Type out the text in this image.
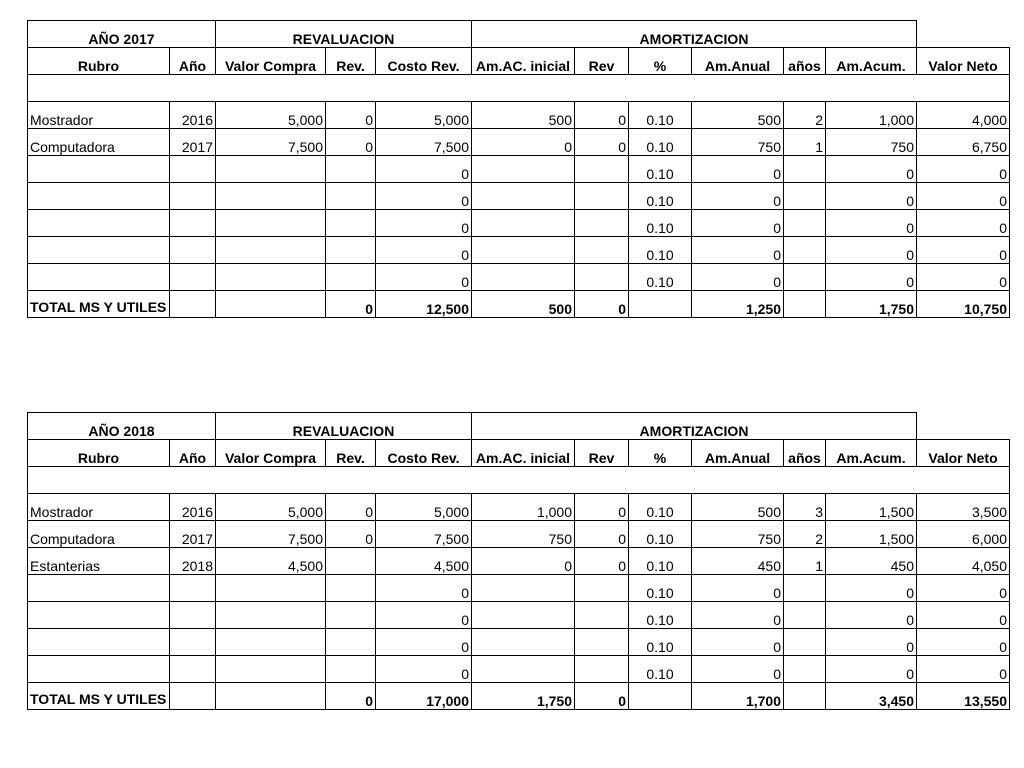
AÑO 2017		REVALUACION			AMORTIZACION						
Rubro	Año	Valor Compra	Rev.	Costo Rev.	Am.AC. inicial	Rev	%	Am.Anual	años	Am.Acum.	Valor Neto

Mostrador	2016	5,000	0	5,000	500	0	0.10	500	2	1,000	4,000
Computadora	2017	7,500	0	7,500	0	0	0.10	750	1	750	6,750
				0			0.10	0		0	0
				0			0.10	0		0	0
				0			0.10	0		0	0
				0			0.10	0		0	0
				0			0.10	0		0	0
TOTAL MS Y UTILES			0	12,500	500	0		1,250		1,750	10,750
AÑO 2018		REVALUACION			AMORTIZACION						
Rubro	Año	Valor Compra	Rev.	Costo Rev.	Am.AC. inicial	Rev	%	Am.Anual	años	Am.Acum.	Valor Neto

Mostrador	2016	5,000	0	5,000	1,000	0	0.10	500	3	1,500	3,500
Computadora	2017	7,500	0	7,500	750	0	0.10	750	2	1,500	6,000
Estanterias	2018	4,500		4,500	0	0	0.10	450	1	450	4,050
				0			0.10	0		0	0
				0			0.10	0		0	0
				0			0.10	0		0	0
				0			0.10	0		0	0
TOTAL MS Y UTILES			0	17,000	1,750	0		1,700		3,450	13,550
